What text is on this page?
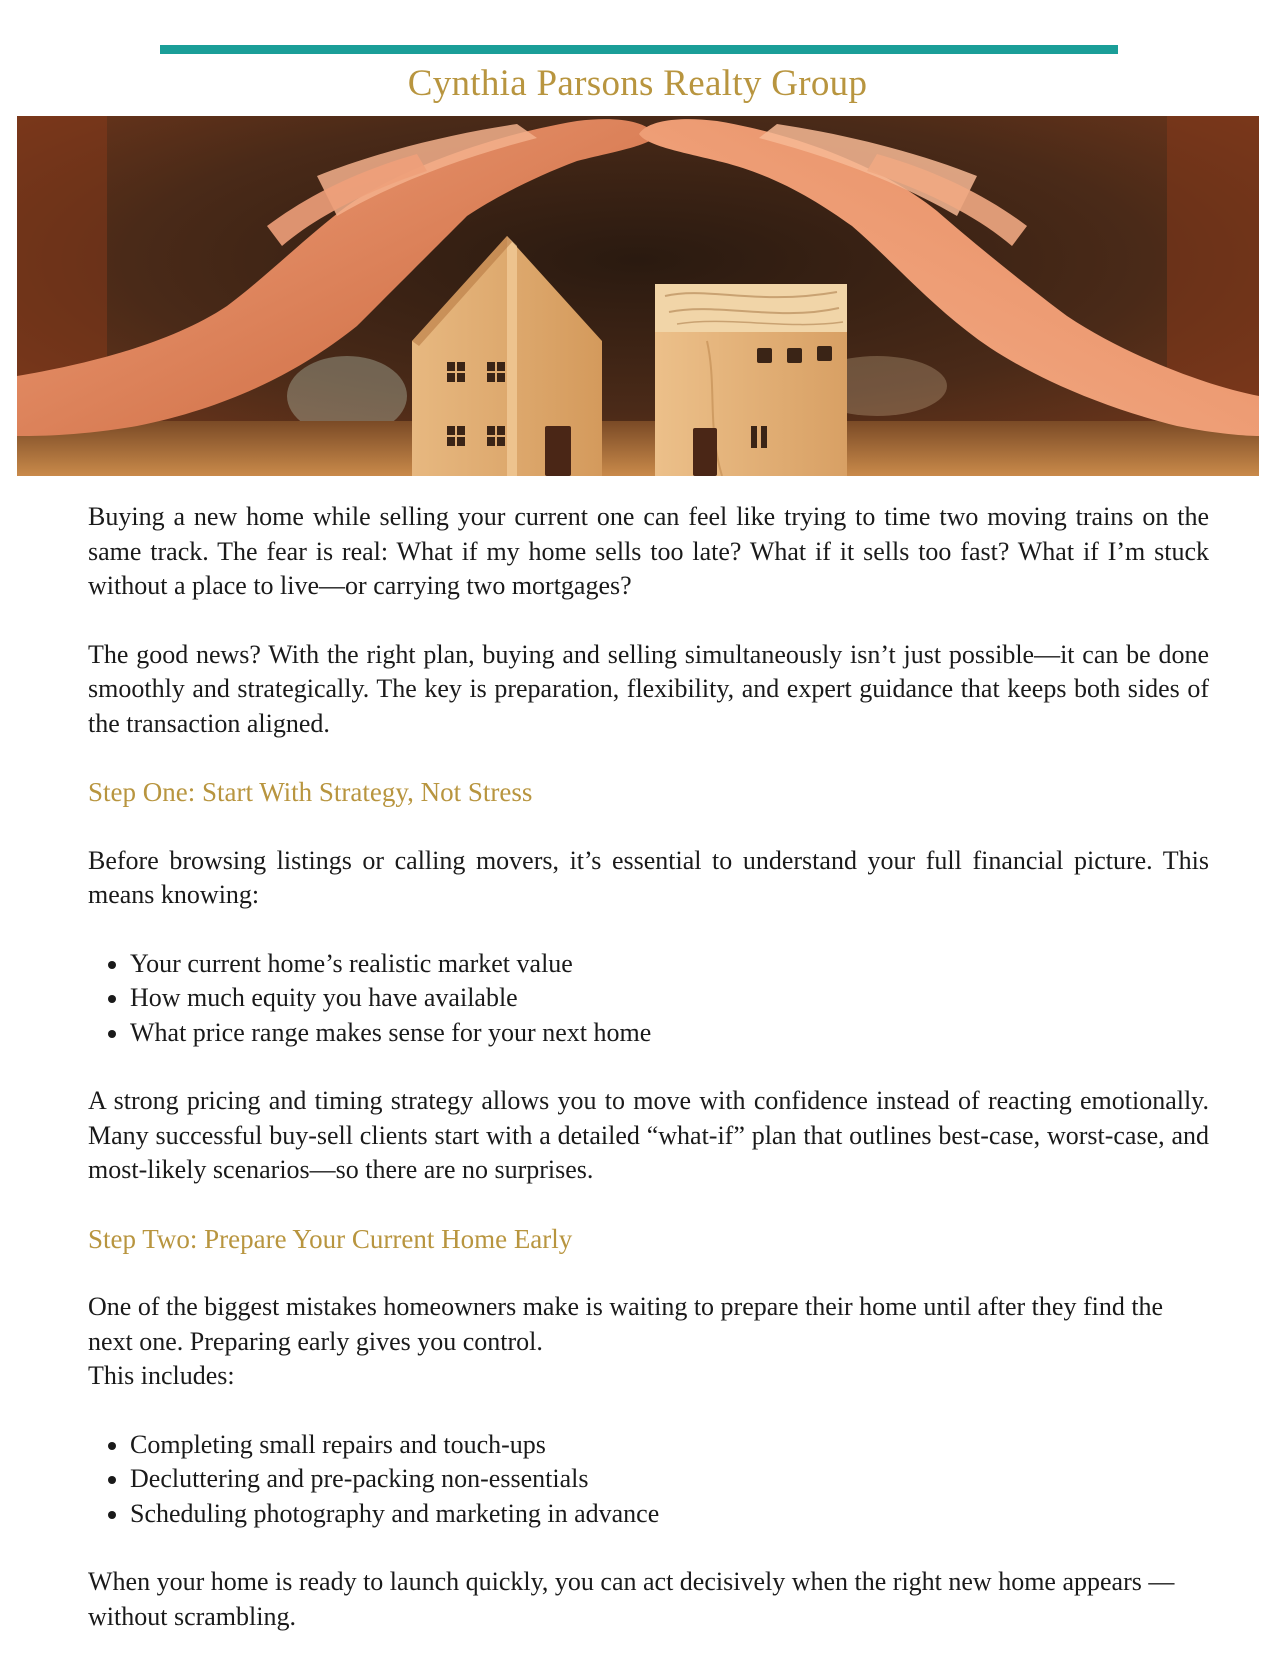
Cynthia Parsons Realty Group

Buying a new home while selling your current one can feel like trying to time two moving trains on the same track. The fear is real: What if my home sells too late? What if it sells too fast? What if I’m stuck without a place to live—or carrying two mortgages?

The good news? With the right plan, buying and selling simultaneously isn’t just possible—it can be done smoothly and strategically. The key is preparation, flexibility, and expert guidance that keeps both sides of the transaction aligned.

Step One: Start With Strategy, Not Stress

Before browsing listings or calling movers, it’s essential to understand your full financial picture. This means knowing:

• Your current home’s realistic market value
• How much equity you have available
• What price range makes sense for your next home

A strong pricing and timing strategy allows you to move with confidence instead of reacting emotionally. Many successful buy-sell clients start with a detailed “what-if” plan that outlines best-case, worst-case, and most-likely scenarios—so there are no surprises.

Step Two: Prepare Your Current Home Early

One of the biggest mistakes homeowners make is waiting to prepare their home until after they find the next one. Preparing early gives you control.

This includes:

• Completing small repairs and touch-ups
• Decluttering and pre-packing non-essentials
• Scheduling photography and marketing in advance

When your home is ready to launch quickly, you can act decisively when the right new home appears —without scrambling.
